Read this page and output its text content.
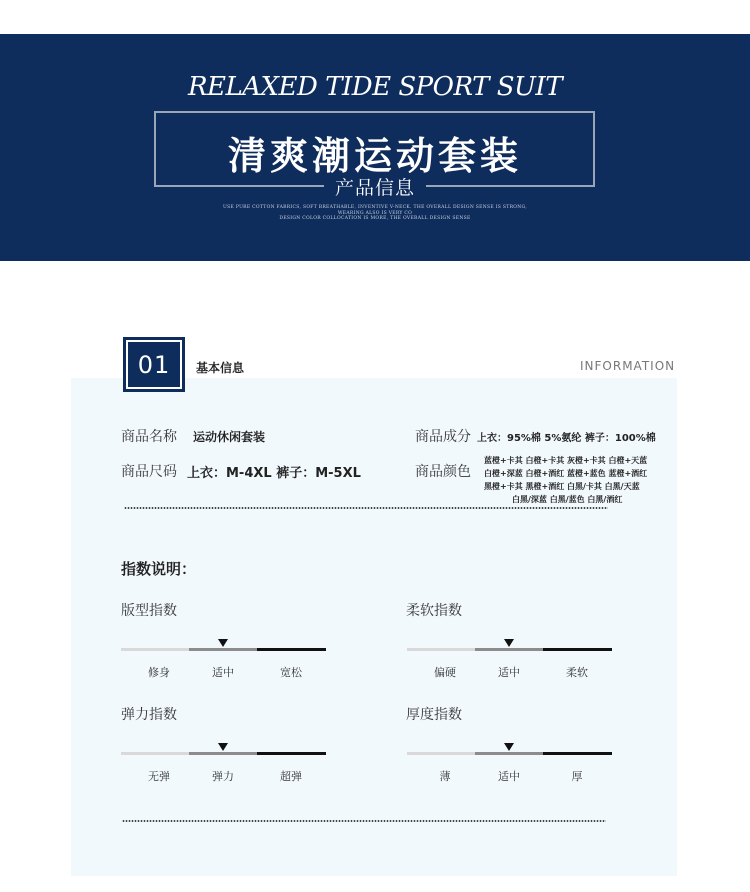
RELAXED TIDE SPORT SUIT
清爽潮运动套装
产品信息
USE PURE COTTON FABRICS, SOFT BREATHABLE, INVENTIVE V-NECK. THE OVERALL DESIGN SENSE IS STRONG,
WEARING ALSO IS VERY CO
DESIGN COLOR COLLOCATION IS MORE, THE OVERALL DESIGN SENSE
01	基本信息	INFORMATION
商品名称 运动休闲套装	商品成分 上衣：95%棉 5%氨纶 裤子：100%棉
商品尺码 上衣：M-4XL 裤子：M-5XL	商品颜色
蓝橙+卡其 白橙+卡其 灰橙+卡其 白橙+天蓝
白橙+深蓝 白橙+酒红 蓝橙+蓝色 蓝橙+酒红
黑橙+卡其 黑橙+酒红 白黑/卡其 白黑/天蓝
白黑/深蓝 白黑/蓝色 白黑/酒红
指数说明：
版型指数
修身	适中	宽松
柔软指数
偏硬	适中	柔软
弹力指数
无弹	弹力	超弹
厚度指数
薄	适中	厚
